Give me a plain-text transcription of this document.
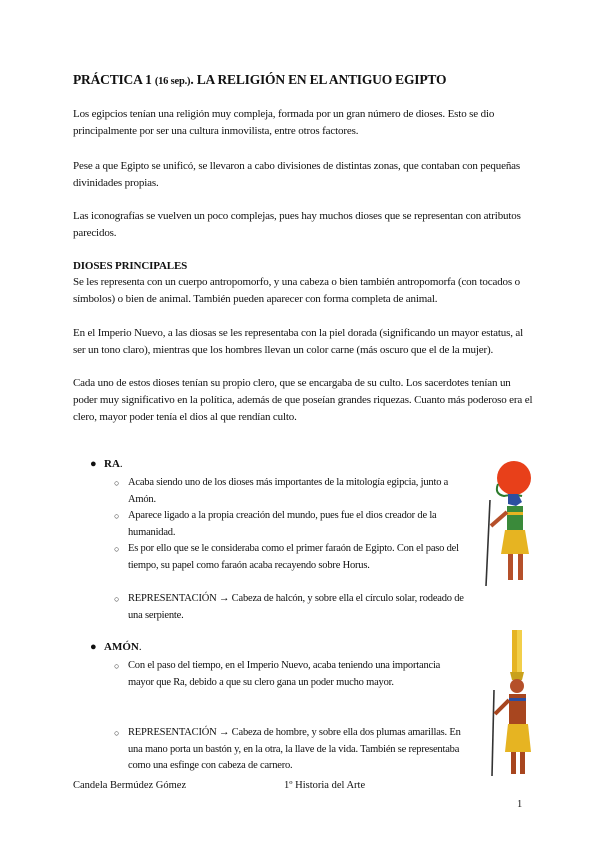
PRÁCTICA 1 (16 sep.). LA RELIGIÓN EN EL ANTIGUO EGIPTO
Los egipcios tenían una religión muy compleja, formada por un gran número de dioses. Esto se dio principalmente por ser una cultura inmovilista, entre otros factores.
Pese a que Egipto se unificó, se llevaron a cabo divisiones de distintas zonas, que contaban con pequeñas divinidades propias.
Las iconografías se vuelven un poco complejas, pues hay muchos dioses que se representan con atributos parecidos.
DIOSES PRINCIPALES
Se les representa con un cuerpo antropomorfo, y una cabeza o bien también antropomorfa (con tocados o símbolos) o bien de animal. También pueden aparecer con forma completa de animal.
En el Imperio Nuevo, a las diosas se les representaba con la piel dorada (significando un mayor estatus, al ser un tono claro), mientras que los hombres llevan un color carne (más oscuro que el de la mujer).
Cada uno de estos dioses tenían su propio clero, que se encargaba de su culto. Los sacerdotes tenían un poder muy significativo en la política, además de que poseían grandes riquezas. Cuanto más poderoso era el clero, mayor poder tenía el dios al que rendían culto.
● RA.
○ Acaba siendo uno de los dioses más importantes de la mitología egipcia, junto a Amón.
○ Aparece ligado a la propia creación del mundo, pues fue el dios creador de la humanidad.
○ Es por ello que se le consideraba como el primer faraón de Egipto. Con el paso del tiempo, su papel como faraón acaba recayendo sobre Horus.
○ REPRESENTACIÓN → Cabeza de halcón, y sobre ella el círculo solar, rodeado de una serpiente.
● AMÓN.
○ Con el paso del tiempo, en el Imperio Nuevo, acaba teniendo una importancia mayor que Ra, debido a que su clero gana un poder mucho mayor.
○ REPRESENTACIÓN → Cabeza de hombre, y sobre ella dos plumas amarillas. En una mano porta un bastón y, en la otra, la llave de la vida. También se representaba como una esfinge con cabeza de carnero.
Candela Bermúdez Gómez	1º Historia del Arte
1
